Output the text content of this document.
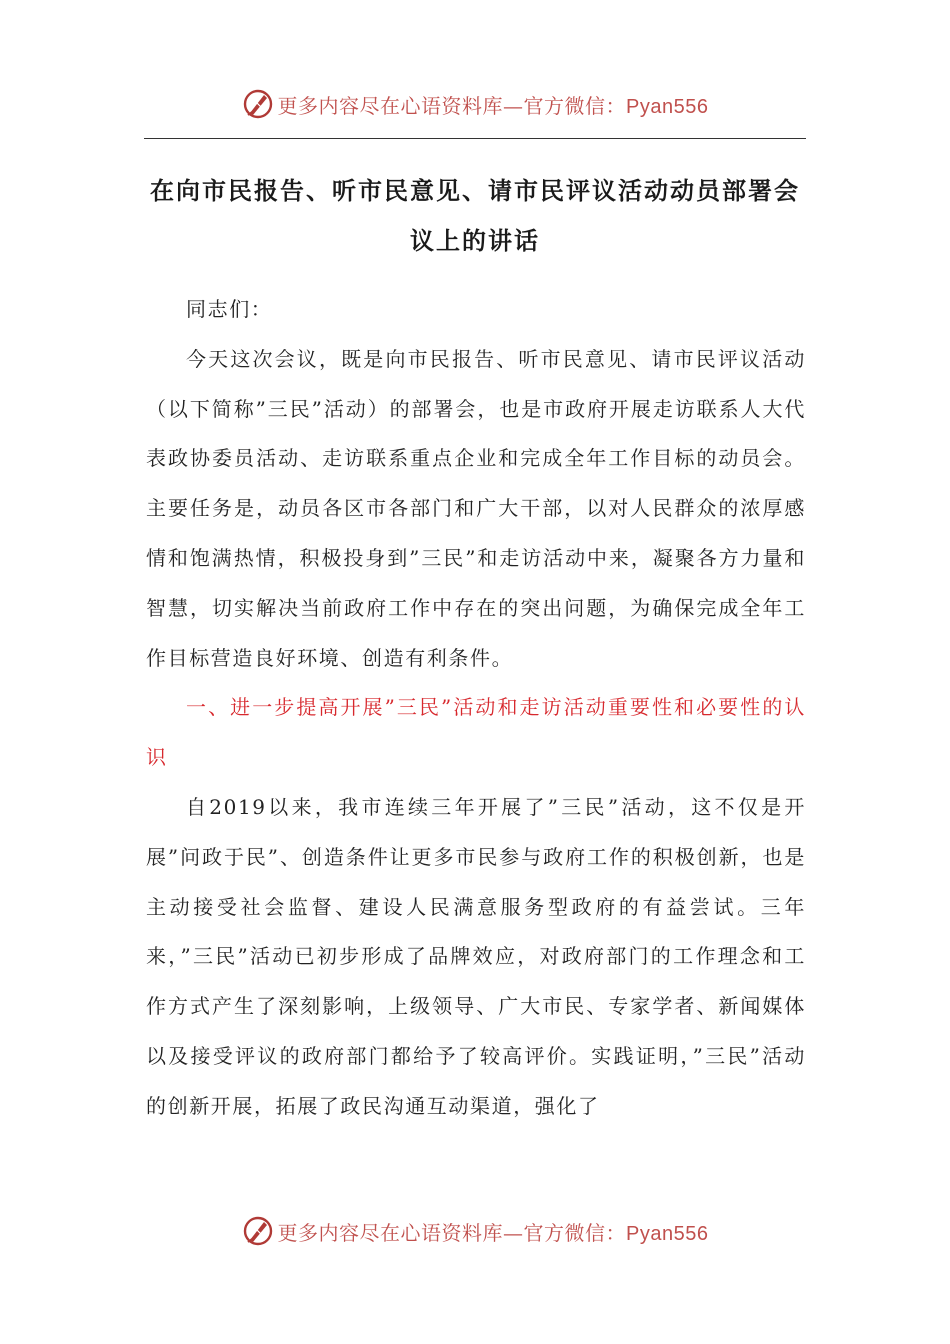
更多内容尽在心语资料库—官方微信：Pyan556
在向市民报告、听市民意见、请市民评议活动动员部署会议上的讲话

同志们：

今天这次会议，既是向市民报告、听市民意见、请市民评议活动（以下简称”三民”活动）的部署会，也是市政府开展走访联系人大代表政协委员活动、走访联系重点企业和完成全年工作目标的动员会。主要任务是，动员各区市各部门和广大干部，以对人民群众的浓厚感情和饱满热情，积极投身到”三民”和走访活动中来，凝聚各方力量和智慧，切实解决当前政府工作中存在的突出问题，为确保完成全年工作目标营造良好环境、创造有利条件。

一、进一步提高开展”三民”活动和走访活动重要性和必要性的认识

自2019以来，我市连续三年开展了”三民”活动，这不仅是开展”问政于民”、创造条件让更多市民参与政府工作的积极创新，也是主动接受社会监督、建设人民满意服务型政府的有益尝试。三年来，”三民”活动已初步形成了品牌效应，对政府部门的工作理念和工作方式产生了深刻影响，上级领导、广大市民、专家学者、新闻媒体以及接受评议的政府部门都给予了较高评价。实践证明，”三民”活动的创新开展，拓展了政民沟通互动渠道，强化了

更多内容尽在心语资料库—官方微信：Pyan556
